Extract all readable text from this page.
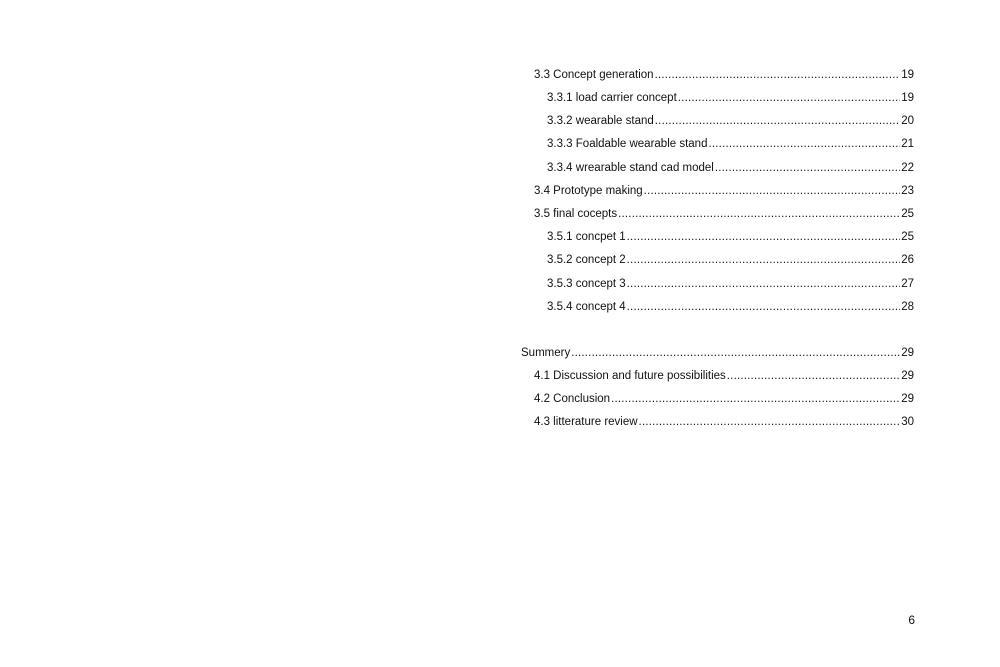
3.3 Concept generation .....	19
3.3.1 load carrier concept .....	19
3.3.2 wearable stand .....	20
3.3.3 Foaldable wearable stand .....	21
3.3.4 wrearable stand cad model .....	22
3.4 Prototype making .....	23
3.5 final cocepts .....	25
3.5.1 concpet 1 .....	25
3.5.2 concept 2 .....	26
3.5.3 concept 3 .....	27
3.5.4 concept 4 .....	28
Summery .....	29
4.1 Discussion and future possibilities .....	29
4.2 Conclusion .....	29
4.3 litterature review .....	30
6
